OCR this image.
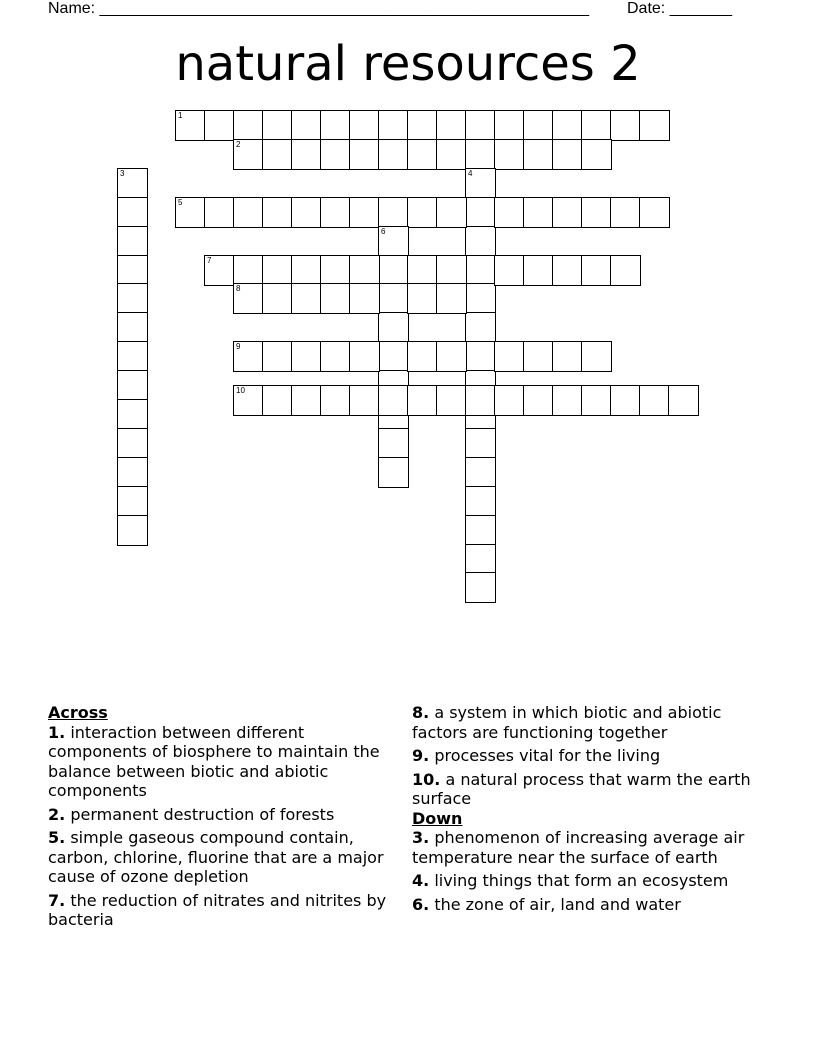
Name: _______________________________________________________ Date: _______
natural resources 2
1
2
3	4
5
6
7
8
9
10
Across
1. interaction between different components of biosphere to maintain the balance between biotic and abiotic components
2. permanent destruction of forests
5. simple gaseous compound contain, carbon, chlorine, fluorine that are a major cause of ozone depletion
7. the reduction of nitrates and nitrites by bacteria
8. a system in which biotic and abiotic factors are functioning together
9. processes vital for the living
10. a natural process that warm the earth surface
Down
3. phenomenon of increasing average air temperature near the surface of earth
4. living things that form an ecosystem
6. the zone of air, land and water
